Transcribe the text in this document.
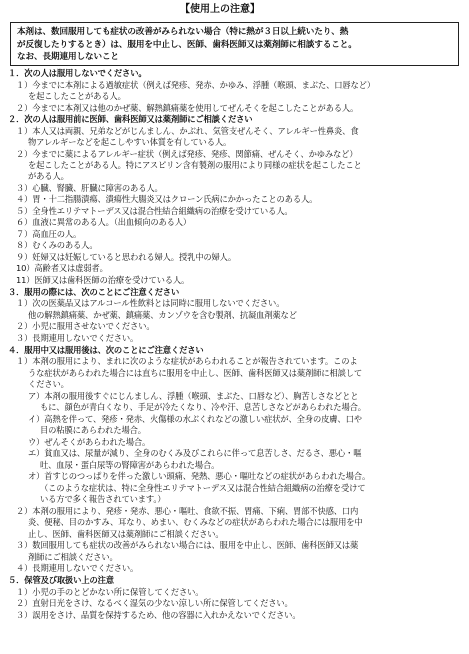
【使用上の注意】
本剤は、数回服用しても症状の改善がみられない場合（特に熱が３日以上続いたり、熱
が反復したりするとき）は、服用を中止し、医師、歯科医師又は薬剤師に相談すること。
なお、長期連用しないこと
１．次の人は服用しないでください。
１）今までに本剤による過敏症状（例えば発疹、発赤、かゆみ、浮腫（喉頭、まぶた、口唇など）
を起こしたことがある人。
２）今までに本剤又は他のかぜ薬、解熱鎮痛薬を使用してぜんそくを起こしたことがある人。
２．次の人は服用前に医師、歯科医師又は薬剤師にご相談ください
１）本人又は両親、兄弟などがじんましん、かぶれ、気管支ぜんそく、アレルギー性鼻炎、食
物アレルギーなどを起こしやすい体質を有している人。
２）今までに薬によるアレルギー症状（例えば発疹、発疹、関節痛、ぜんそく、かゆみなど）
を起こしたことがある人。特にアスピリン含有製剤の服用により同様の症状を起こしたこと
がある人。
３）心臓、腎臓、肝臓に障害のある人。
４）胃・十二指腸潰瘍、潰瘍性大腸炎又はクローン氏病にかかったことのある人。
５）全身性エリテマトーデス又は混合性結合組織病の治療を受けている人。
６）血液に異常のある人。（出血傾向のある人）
７）高血圧の人。
８）むくみのある人。
９）妊婦又は妊娠していると思われる婦人。授乳中の婦人。
10）高齢者又は虚弱者。
11）医師又は歯科医師の治療を受けている人。
３．服用の際には、次のことにご注意ください
１）次の医薬品又はアルコール性飲料とは同時に服用しないでください。
他の解熱鎮痛薬、かぜ薬、鎮痛薬、カンゾウを含む製剤、抗凝血剤薬など
２）小児に服用させないでください。
３）長期連用しないでください。
４．服用中又は服用後は、次のことにご注意ください
１）本剤の服用により、まれに次のような症状があらわれることが報告されています。このよ
うな症状があらわれた場合には直ちに服用を中止し、医師、歯科医師又は薬剤師に相談して
ください。
ア）本剤の服用後すぐにじんましん、浮腫（喉頭、まぶた、口唇など）、胸苦しさなどとと
もに、顔色が青白くなり、手足が冷たくなり、冷や汗、息苦しさなどがあらわれた場合。
イ）高熱を伴って、発疹・発赤、火傷様の水ぶくれなどの激しい症状が、全身の皮膚、口や
目の粘膜にあらわれた場合。
ウ）ぜんそくがあらわれた場合。
エ）貧血又は、尿量が減り、全身のむくみ及びこれらに伴って息苦しさ、だるさ、悪心・嘔
吐、血尿・蛋白尿等の腎障害があらわれた場合。
オ）首すじのつっぱりを伴った激しい頭痛、発熱、悪心・嘔吐などの症状があらわれた場合。
（このような症状は、特に全身性エリテマトーデス又は混合性結合組織病の治療を受けて
いる方で多く報告されています。）
２）本剤の服用により、発疹・発赤、悪心・嘔吐、食欲不振、胃痛、下痢、胃部不快感、口内
炎、便秘、目のかすみ、耳なり、めまい、むくみなどの症状があらわれた場合には服用を中
止し、医師、歯科医師又は薬剤師にご相談ください。
３）数回服用しても症状の改善がみられない場合には、服用を中止し、医師、歯科医師又は薬
剤師にご相談ください。
４）長期連用しないでください。
５．保管及び取扱い上の注意
１）小児の手のとどかない所に保管してください。
２）直射日光をさけ、なるべく湿気の少ない涼しい所に保管してください。
３）誤用をさけ、品質を保持するため、他の容器に入れかえないでください。
